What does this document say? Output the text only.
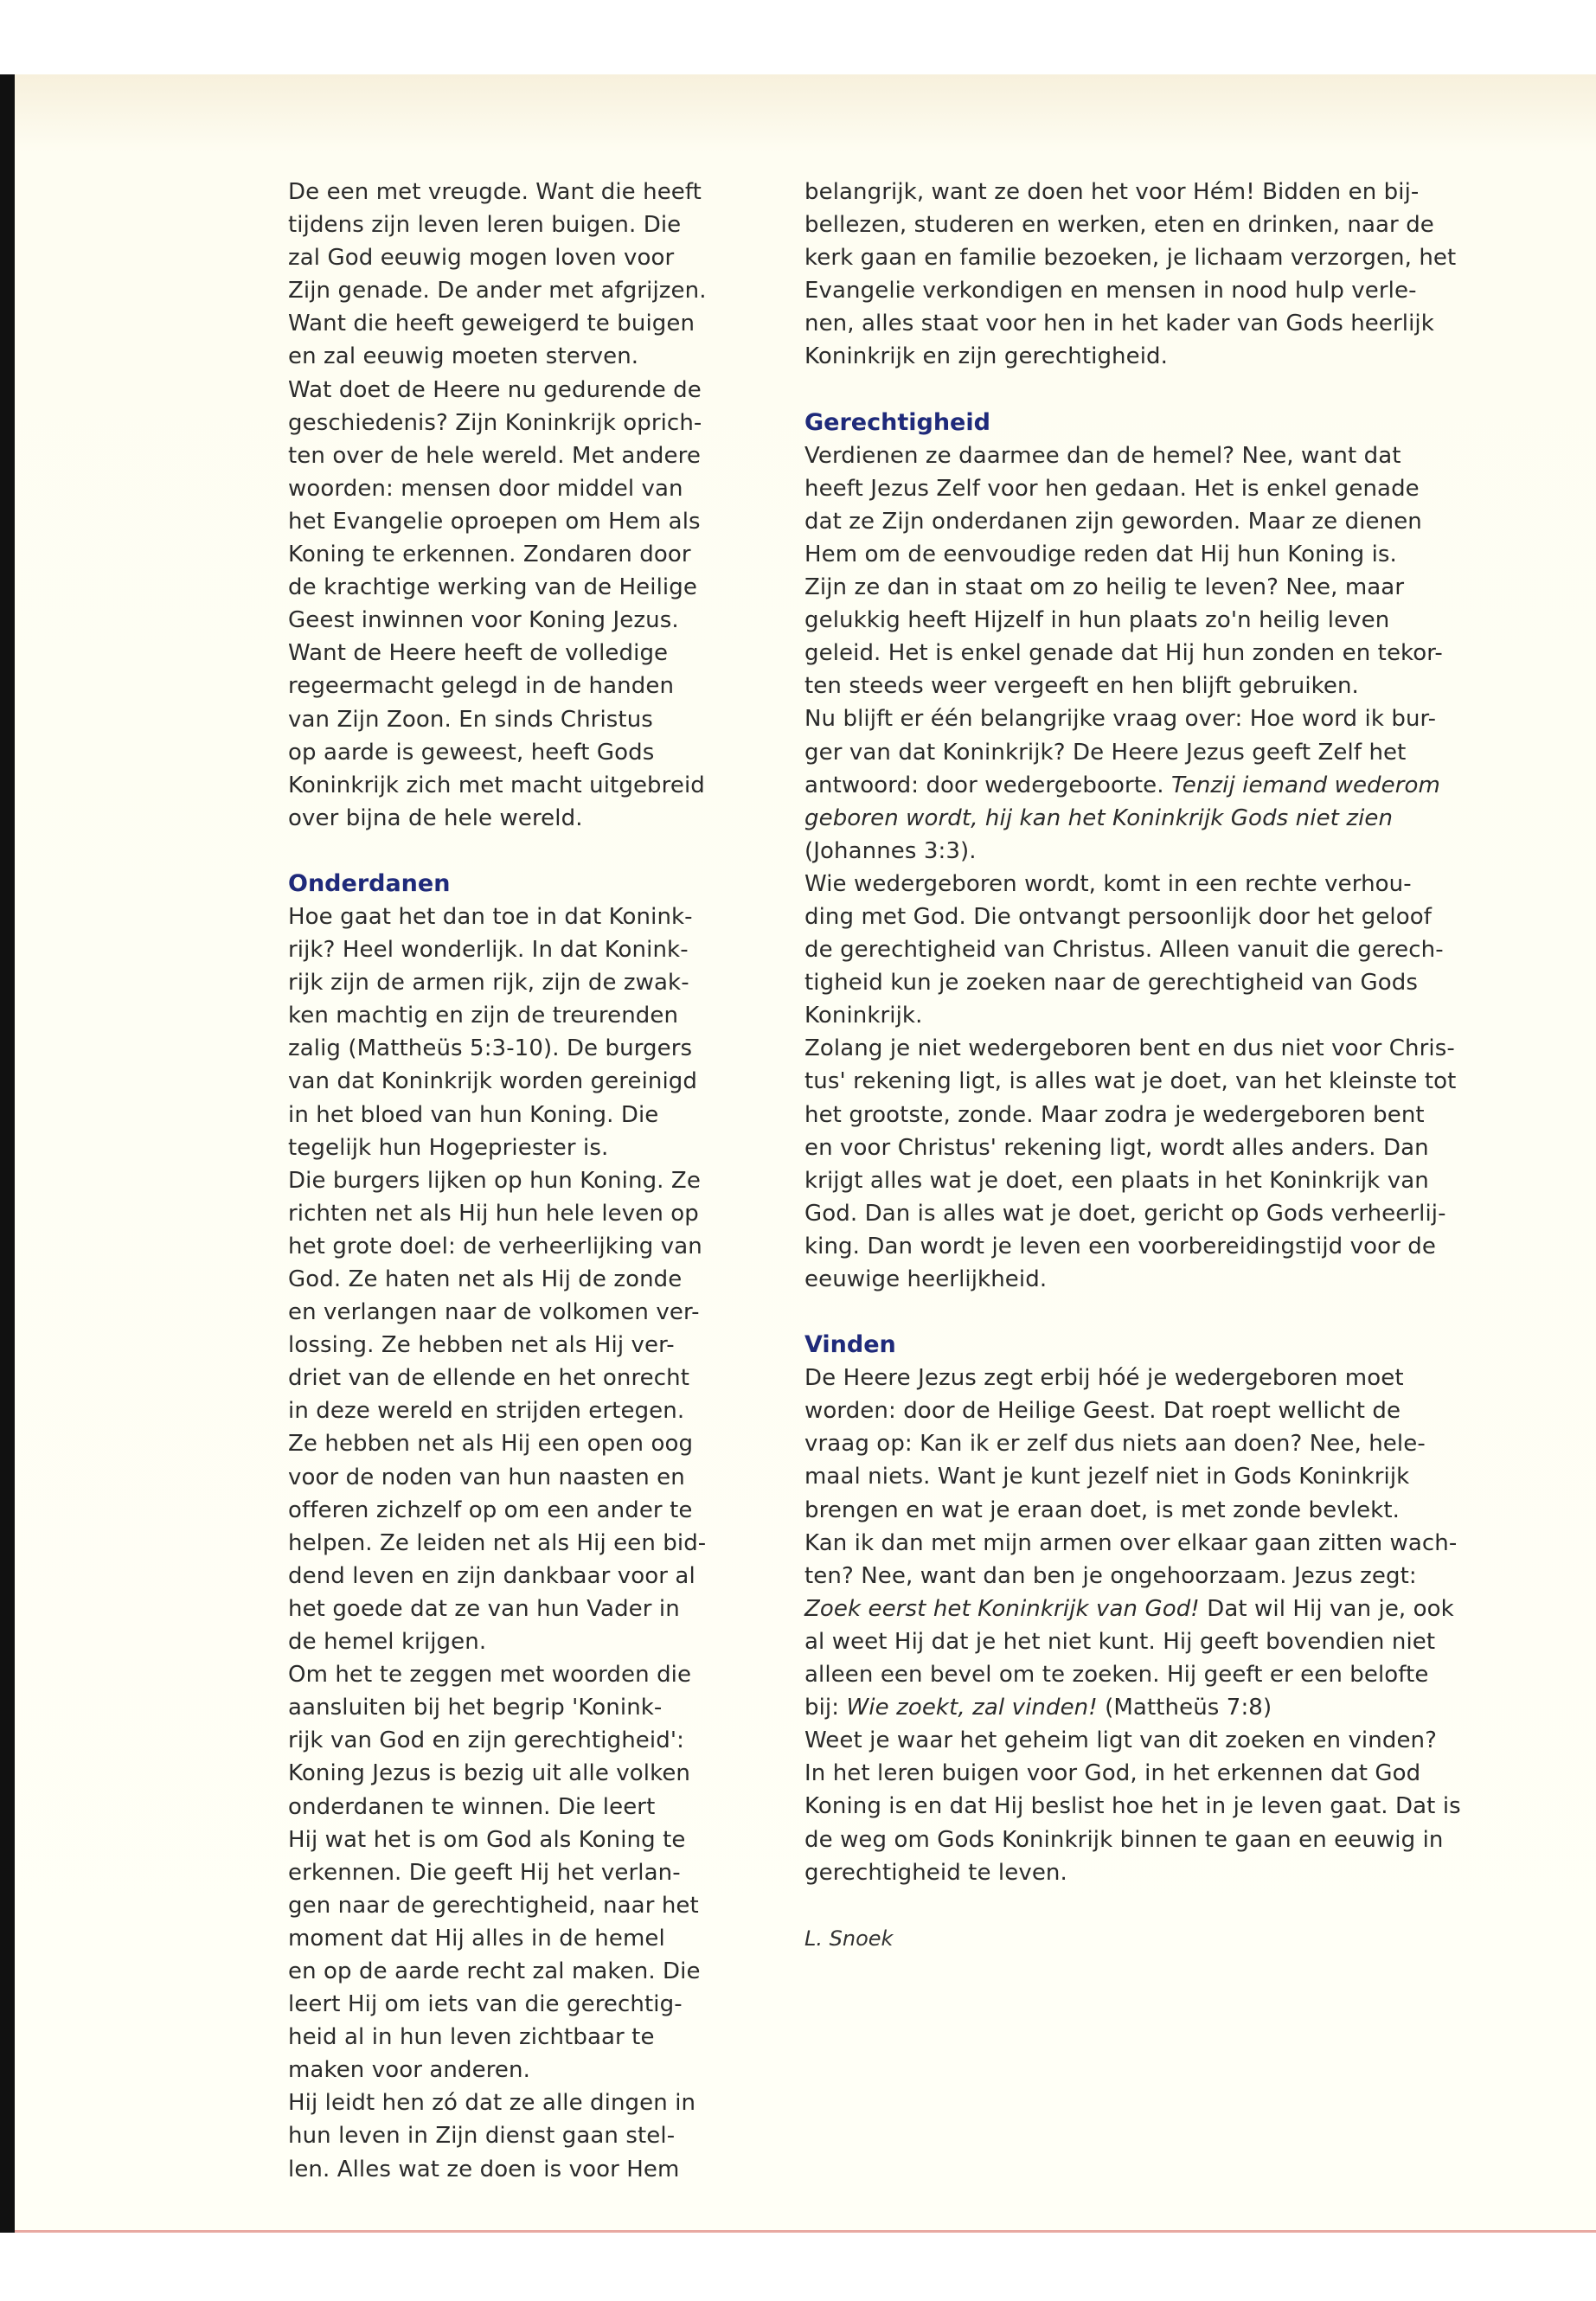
De een met vreugde. Want die heeft
tijdens zijn leven leren buigen. Die
zal God eeuwig mogen loven voor
Zijn genade. De ander met afgrijzen.
Want die heeft geweigerd te buigen
en zal eeuwig moeten sterven.
Wat doet de Heere nu gedurende de
geschiedenis? Zijn Koninkrijk oprich-
ten over de hele wereld. Met andere
woorden: mensen door middel van
het Evangelie oproepen om Hem als
Koning te erkennen. Zondaren door
de krachtige werking van de Heilige
Geest inwinnen voor Koning Jezus.
Want de Heere heeft de volledige
regeermacht gelegd in de handen
van Zijn Zoon. En sinds Christus
op aarde is geweest, heeft Gods
Koninkrijk zich met macht uitgebreid
over bijna de hele wereld.
Onderdanen
Hoe gaat het dan toe in dat Konink-
rijk? Heel wonderlijk. In dat Konink-
rijk zijn de armen rijk, zijn de zwak-
ken machtig en zijn de treurenden
zalig (Mattheüs 5:3-10). De burgers
van dat Koninkrijk worden gereinigd
in het bloed van hun Koning. Die
tegelijk hun Hogepriester is.
Die burgers lijken op hun Koning. Ze
richten net als Hij hun hele leven op
het grote doel: de verheerlijking van
God. Ze haten net als Hij de zonde
en verlangen naar de volkomen ver-
lossing. Ze hebben net als Hij ver-
driet van de ellende en het onrecht
in deze wereld en strijden ertegen.
Ze hebben net als Hij een open oog
voor de noden van hun naasten en
offeren zichzelf op om een ander te
helpen. Ze leiden net als Hij een bid-
dend leven en zijn dankbaar voor al
het goede dat ze van hun Vader in
de hemel krijgen.
Om het te zeggen met woorden die
aansluiten bij het begrip 'Konink-
rijk van God en zijn gerechtigheid':
Koning Jezus is bezig uit alle volken
onderdanen te winnen. Die leert
Hij wat het is om God als Koning te
erkennen. Die geeft Hij het verlan-
gen naar de gerechtigheid, naar het
moment dat Hij alles in de hemel
en op de aarde recht zal maken. Die
leert Hij om iets van die gerechtig-
heid al in hun leven zichtbaar te
maken voor anderen.
Hij leidt hen zó dat ze alle dingen in
hun leven in Zijn dienst gaan stel-
len. Alles wat ze doen is voor Hem
belangrijk, want ze doen het voor Hém! Bidden en bij-
bellezen, studeren en werken, eten en drinken, naar de
kerk gaan en familie bezoeken, je lichaam verzorgen, het
Evangelie verkondigen en mensen in nood hulp verle-
nen, alles staat voor hen in het kader van Gods heerlijk
Koninkrijk en zijn gerechtigheid.
Gerechtigheid
Verdienen ze daarmee dan de hemel? Nee, want dat
heeft Jezus Zelf voor hen gedaan. Het is enkel genade
dat ze Zijn onderdanen zijn geworden. Maar ze dienen
Hem om de eenvoudige reden dat Hij hun Koning is.
Zijn ze dan in staat om zo heilig te leven? Nee, maar
gelukkig heeft Hijzelf in hun plaats zo'n heilig leven
geleid. Het is enkel genade dat Hij hun zonden en tekor-
ten steeds weer vergeeft en hen blijft gebruiken.
Nu blijft er één belangrijke vraag over: Hoe word ik bur-
ger van dat Koninkrijk? De Heere Jezus geeft Zelf het
antwoord: door wedergeboorte. Tenzij iemand wederom
geboren wordt, hij kan het Koninkrijk Gods niet zien
(Johannes 3:3).
Wie wedergeboren wordt, komt in een rechte verhou-
ding met God. Die ontvangt persoonlijk door het geloof
de gerechtigheid van Christus. Alleen vanuit die gerech-
tigheid kun je zoeken naar de gerechtigheid van Gods
Koninkrijk.
Zolang je niet wedergeboren bent en dus niet voor Chris-
tus' rekening ligt, is alles wat je doet, van het kleinste tot
het grootste, zonde. Maar zodra je wedergeboren bent
en voor Christus' rekening ligt, wordt alles anders. Dan
krijgt alles wat je doet, een plaats in het Koninkrijk van
God. Dan is alles wat je doet, gericht op Gods verheerlij-
king. Dan wordt je leven een voorbereidingstijd voor de
eeuwige heerlijkheid.
Vinden
De Heere Jezus zegt erbij hóé je wedergeboren moet
worden: door de Heilige Geest. Dat roept wellicht de
vraag op: Kan ik er zelf dus niets aan doen? Nee, hele-
maal niets. Want je kunt jezelf niet in Gods Koninkrijk
brengen en wat je eraan doet, is met zonde bevlekt.
Kan ik dan met mijn armen over elkaar gaan zitten wach-
ten? Nee, want dan ben je ongehoorzaam. Jezus zegt:
Zoek eerst het Koninkrijk van God! Dat wil Hij van je, ook
al weet Hij dat je het niet kunt. Hij geeft bovendien niet
alleen een bevel om te zoeken. Hij geeft er een belofte
bij: Wie zoekt, zal vinden! (Mattheüs 7:8)
Weet je waar het geheim ligt van dit zoeken en vinden?
In het leren buigen voor God, in het erkennen dat God
Koning is en dat Hij beslist hoe het in je leven gaat. Dat is
de weg om Gods Koninkrijk binnen te gaan en eeuwig in
gerechtigheid te leven.
L. Snoek
